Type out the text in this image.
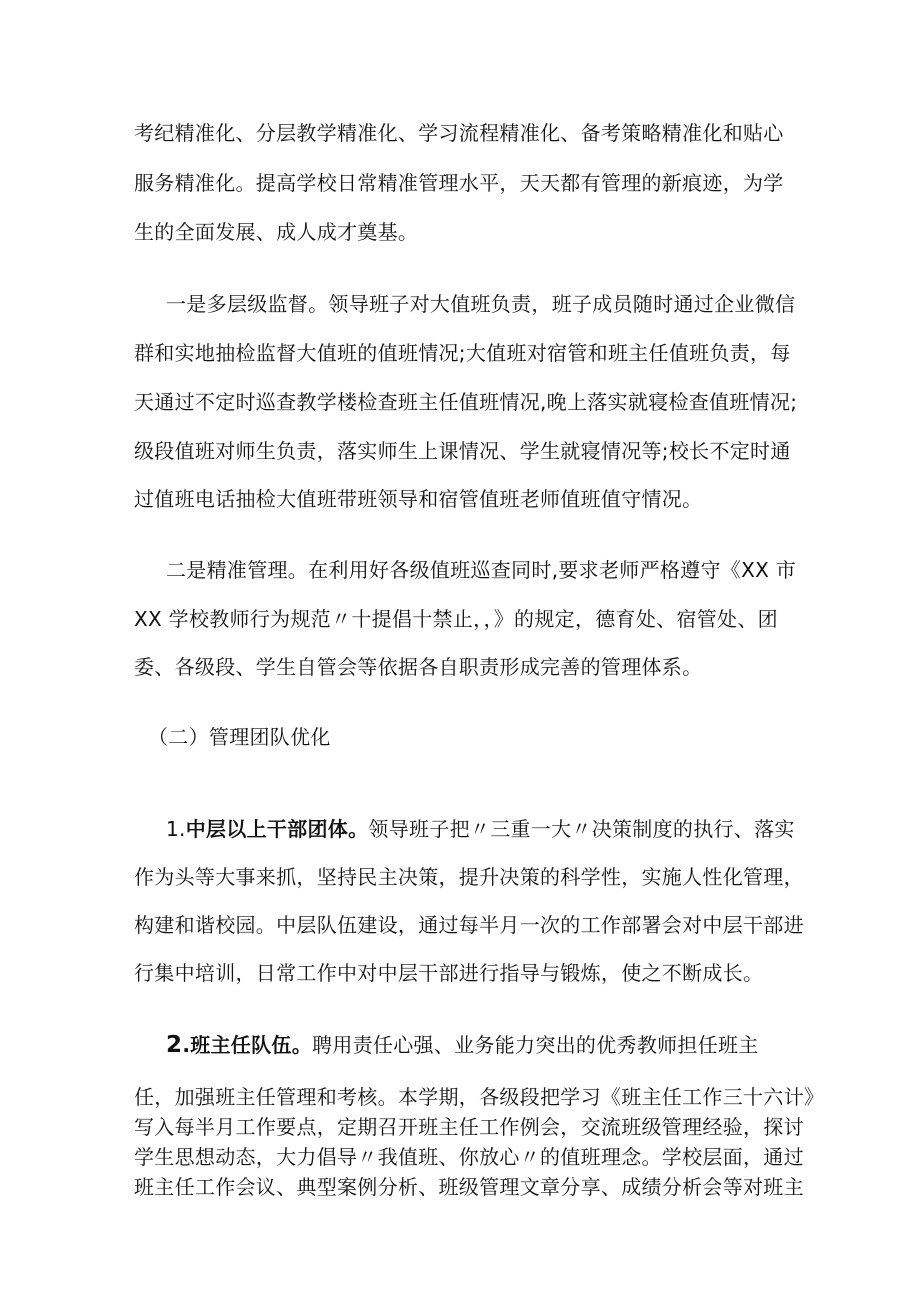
考纪精准化、分层教学精准化、学习流程精准化、备考策略精准化和贴心
服务精准化。提高学校日常精准管理水平，天天都有管理的新痕迹，为学
生的全面发展、成人成才奠基。
一是多层级监督。领导班子对大值班负责，班子成员随时通过企业微信
群和实地抽检监督大值班的值班情况;大值班对宿管和班主任值班负责，每
天通过不定时巡查教学楼检查班主任值班情况,晚上落实就寝检查值班情况;
级段值班对师生负责，落实师生上课情况、学生就寝情况等;校长不定时通
过值班电话抽检大值班带班领导和宿管值班老师值班值守情况。
二是精准管理。在利用好各级值班巡查同时,要求老师严格遵守《XX 市
XX 学校教师行为规范〃十提倡十禁止，，》的规定，德育处、宿管处、团
委、各级段、学生自管会等依据各自职责形成完善的管理体系。
（二）管理团队优化
1.中层以上干部团体。领导班子把〃三重一大〃决策制度的执行、落实
作为头等大事来抓，坚持民主决策，提升决策的科学性，实施人性化管理，
构建和谐校园。中层队伍建设，通过每半月一次的工作部署会对中层干部进
行集中培训，日常工作中对中层干部进行指导与锻炼，使之不断成长。
2.班主任队伍。聘用责任心强、业务能力突出的优秀教师担任班主
任，加强班主任管理和考核。本学期，各级段把学习《班主任工作三十六计》
写入每半月工作要点，定期召开班主任工作例会，交流班级管理经验，探讨
学生思想动态，大力倡导〃我值班、你放心〃的值班理念。学校层面，通过
班主任工作会议、典型案例分析、班级管理文章分享、成绩分析会等对班主
